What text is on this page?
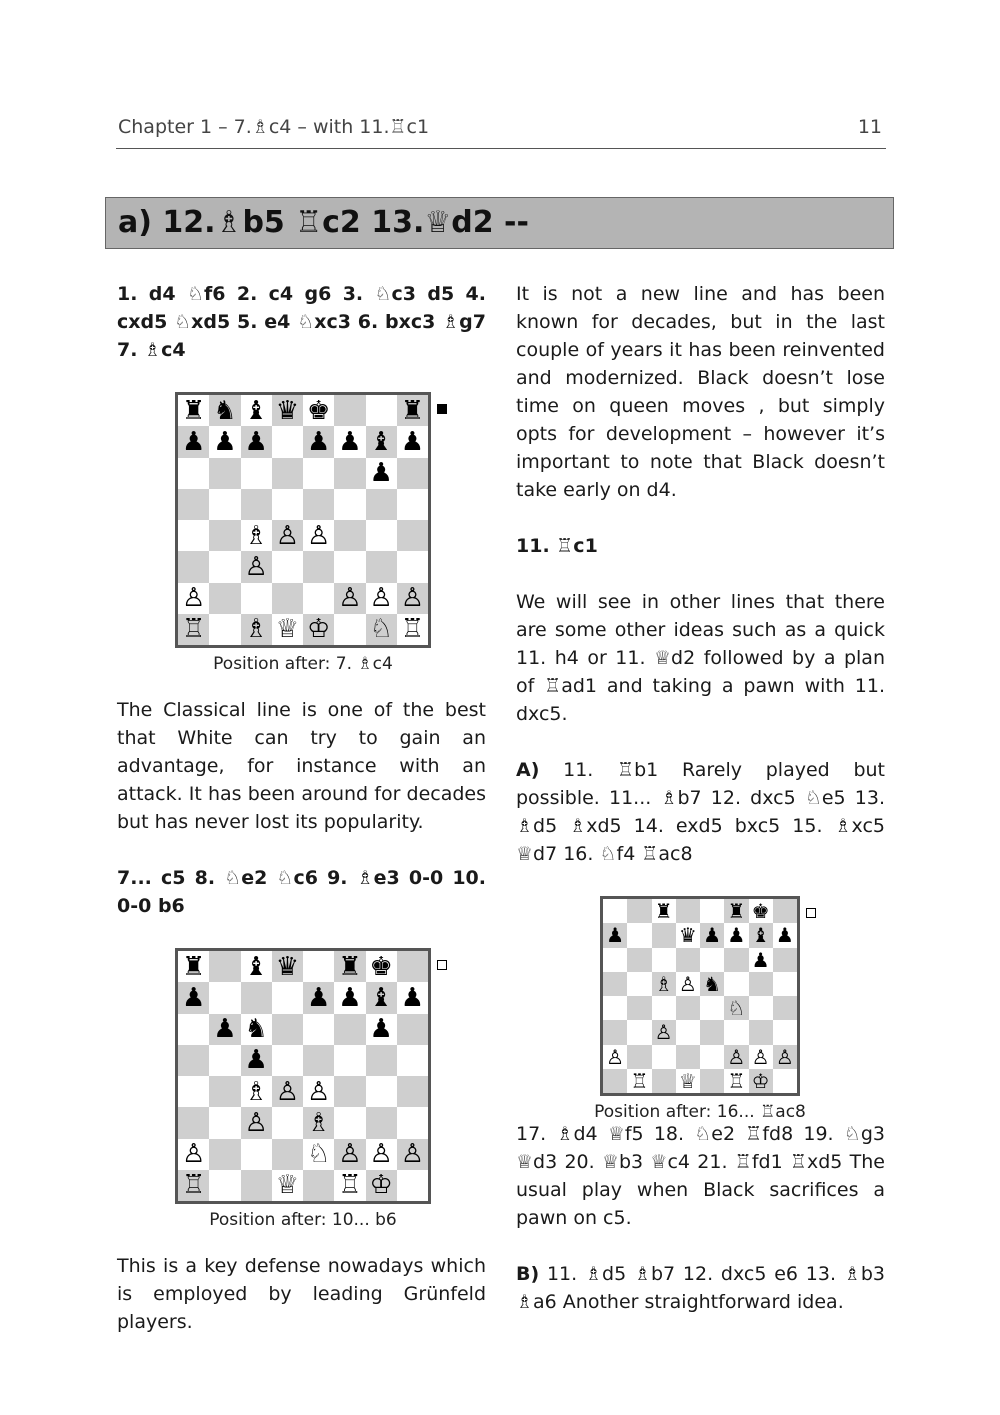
Chapter 1 – 7.♗c4 – with 11.♖c1	11
a) 12.♗b5 ♖c2 13.♕d2 --

1. d4 ♘f6 2. c4 g6 3. ♘c3 d5 4. cxd5 ♘xd5 5. e4 ♘xc3 6. bxc3 ♗g7 7. ♗c4

♜ ♞ ♝ ♛ ♚	♜
♟ ♟ ♟ ♟ ♟ ♝ ♟
♟
♗ ♙ ♙
♙
♙	♙ ♙ ♙
♖ ♗ ♕ ♔ ♘ ♖
Position after: 7. ♗c4

The Classical line is one of the best that White can try to gain an advantage, for instance with an attack. It has been around for decades but has never lost its popularity.

7... c5 8. ♘e2 ♘c6 9. ♗e3 0-0 10. 0-0 b6

♜ ♝ ♛ ♜ ♚
♟	♟ ♟ ♝ ♟
♟ ♞	♟
♟
♗ ♙ ♙
♙ ♗
♙	♘ ♙ ♙ ♙
♖	♕ ♖ ♔
Position after: 10... b6

This is a key defense nowadays which is employed by leading Grünfeld players.

It is not a new line and has been known for decades, but in the last couple of years it has been reinvented and modernized. Black doesn’t lose time on queen moves , but simply opts for development – however it’s important to note that Black doesn’t take early on d4.

11. ♖c1

We will see in other lines that there are some other ideas such as a quick 11. h4 or 11. ♕d2 followed by a plan of ♖ad1 and taking a pawn with 11. dxc5.

A) 11. ♖b1 Rarely played but possible. 11... ♗b7 12. dxc5 ♘e5 13. ♗d5 ♗xd5 14. exd5 bxc5 15. ♗xc5 ♕d7 16. ♘f4 ♖ac8

♜	♜ ♚
♟	♛ ♟ ♟ ♝ ♟
♟
♗ ♙ ♞
♘
♙
♙	♙ ♙ ♙
♖ ♕ ♖ ♔
Position after: 16... ♖ac8

17. ♗d4 ♕f5 18. ♘e2 ♖fd8 19. ♘g3 ♕d3 20. ♕b3 ♕c4 21. ♖fd1 ♖xd5 The usual play when Black sacrifices a pawn on c5.

B) 11. ♗d5 ♗b7 12. dxc5 e6 13. ♗b3 ♗a6 Another straightforward idea.
